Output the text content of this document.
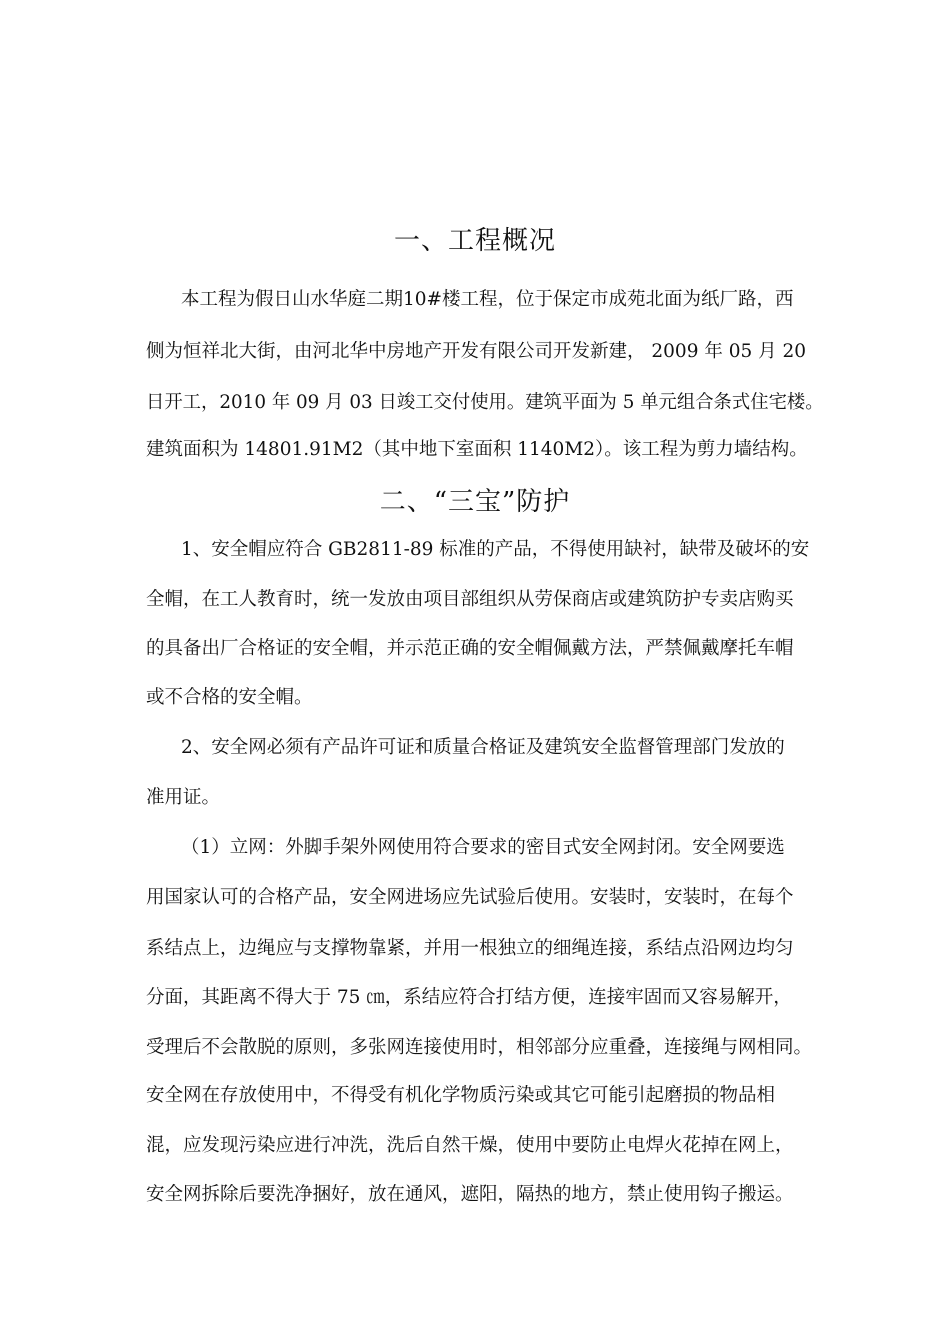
一、工程概况
本工程为假日山水华庭二期10#楼工程，位于保定市成苑北面为纸厂路，西
侧为恒祥北大街，由河北华中房地产开发有限公司开发新建， 2009 年 05 月 20
日开工，2010 年 09 月 03 日竣工交付使用。建筑平面为 5 单元组合条式住宅楼。
建筑面积为 14801.91M2（其中地下室面积 1140M2）。该工程为剪力墙结构。
二、“三宝”防护
1、安全帽应符合 GB2811-89 标准的产品，不得使用缺衬，缺带及破坏的安
全帽，在工人教育时，统一发放由项目部组织从劳保商店或建筑防护专卖店购买
的具备出厂合格证的安全帽，并示范正确的安全帽佩戴方法，严禁佩戴摩托车帽
或不合格的安全帽。
2、安全网必须有产品许可证和质量合格证及建筑安全监督管理部门发放的
准用证。
（1）立网：外脚手架外网使用符合要求的密目式安全网封闭。安全网要选
用国家认可的合格产品，安全网进场应先试验后使用。安装时，安装时，在每个
系结点上，边绳应与支撑物靠紧，并用一根独立的细绳连接，系结点沿网边均匀
分面，其距离不得大于 75 ㎝，系结应符合打结方便，连接牢固而又容易解开，
受理后不会散脱的原则，多张网连接使用时，相邻部分应重叠，连接绳与网相同。
安全网在存放使用中，不得受有机化学物质污染或其它可能引起磨损的物品相
混，应发现污染应进行冲洗，洗后自然干燥，使用中要防止电焊火花掉在网上，
安全网拆除后要洗净捆好，放在通风，遮阳，隔热的地方，禁止使用钩子搬运。
